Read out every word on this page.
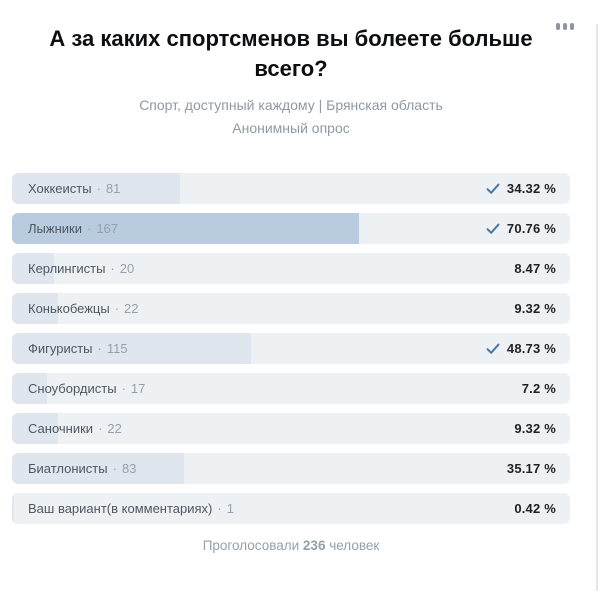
А за каких спортсменов вы болеете больше всего?
Спорт, доступный каждому | Брянская область
Анонимный опрос
Хоккеисты · 81	34.32 %
Лыжники · 167	70.76 %
Керлингисты · 20	8.47 %
Конькобежцы · 22	9.32 %
Фигуристы · 115	48.73 %
Сноубордисты · 17	7.2 %
Саночники · 22	9.32 %
Биатлонисты · 83	35.17 %
Ваш вариант(в комментариях) · 1	0.42 %
Проголосовали 236 человек
